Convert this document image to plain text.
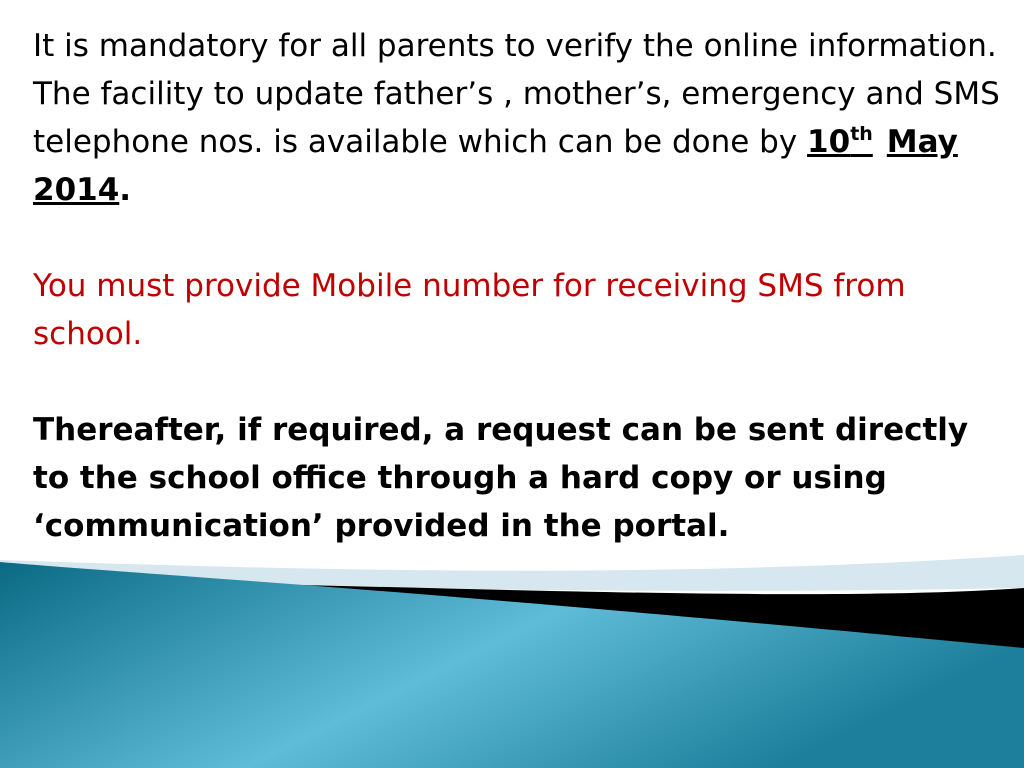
It is mandatory for all parents to verify the online information. The facility to update father’s , mother’s, emergency and SMS telephone nos. is available which can be done by 10th May 2014.

You must provide Mobile number for receiving SMS from school.

Thereafter, if required, a request can be sent directly to the school office through a hard copy or using ‘communication’ provided in the portal.
